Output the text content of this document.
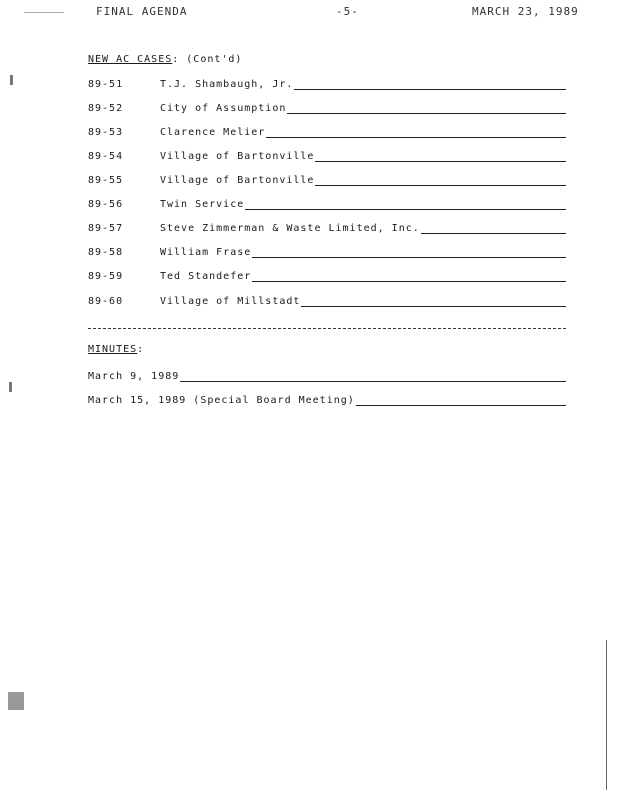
FINAL AGENDA	-5-	MARCH 23, 1989
NEW AC CASES: (Cont'd)
89-51	T.J. Shambaugh, Jr.
89-52	City of Assumption
89-53	Clarence Melier
89-54	Village of Bartonville
89-55	Village of Bartonville
89-56	Twin Service
89-57	Steve Zimmerman & Waste Limited, Inc.
89-58	William Frase
89-59	Ted Standefer
89-60	Village of Millstadt
MINUTES:
March 9, 1989
March 15, 1989 (Special Board Meeting)
